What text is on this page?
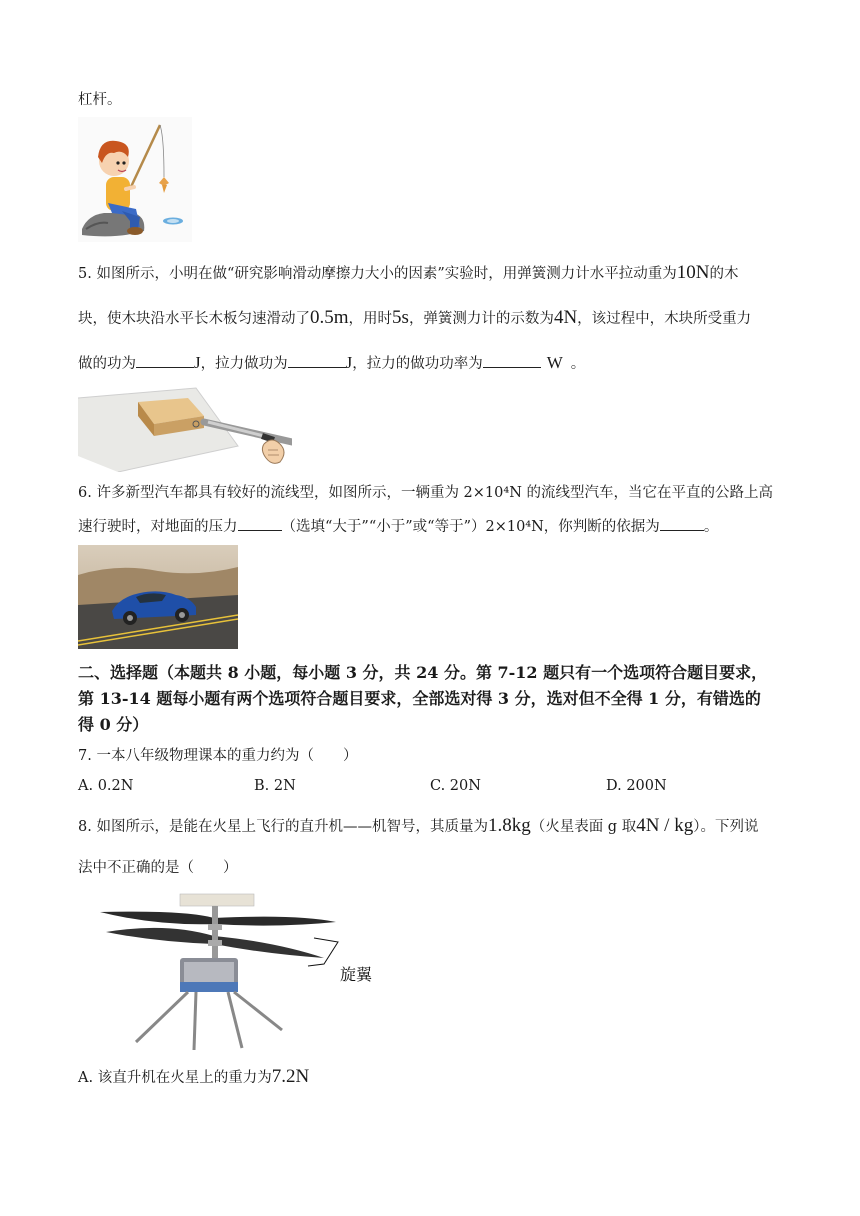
杠杆。
5. 如图所示，小明在做“研究影响滑动摩擦力大小的因素”实验时，用弹簧测力计水平拉动重为10N的木
块，使木块沿水平长木板匀速滑动了0.5m，用时5s，弹簧测力计的示数为4N，该过程中，木块所受重力
做的功为	J，拉力做功为	J，拉力的做功功率为	W 。
6. 许多新型汽车都具有较好的流线型，如图所示，一辆重为 2×10⁴N 的流线型汽车，当它在平直的公路上高
速行驶时，对地面的压力	（选填“大于”“小于”或“等于”）2×10⁴N，你判断的依据为	。
二、选择题（本题共 8 小题，每小题 3 分，共 24 分。第 7-12 题只有一个选项符合题目要求，
第 13-14 题每小题有两个选项符合题目要求，全部选对得 3 分，选对但不全得 1 分，有错选的
得 0 分）
7. 一本八年级物理课本的重力约为（　　）
A. 0.2N	B. 2N	C. 20N	D. 200N
8. 如图所示，是能在火星上飞行的直升机——机智号，其质量为1.8kg（火星表面 g 取4N / kg）。下列说
法中不正确的是（　　）
旋翼
A. 该直升机在火星上的重力为7.2N
